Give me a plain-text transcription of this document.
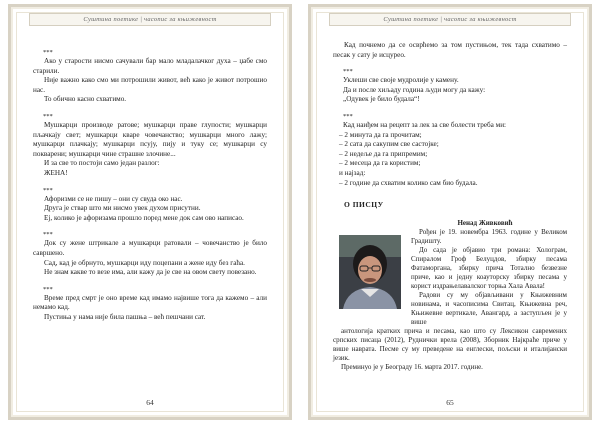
Суштина поетике | часопис за књижевност

***

Ако у старости нисмо сачували бар мало младалачког духа – џабе смо старили.

Није важно како смо ми потрошили живот, већ како је живот потрошио нас.

То обично касно схватимо.

***

Мушкарци производе ратове; мушкарци праве глупости; мушкарци пљачкају свет; мушкарци кваре човечанство; мушкарци много лажу; мушкарци плачкају; мушкарци псују, пију и туку се; мушкарци су покварени; мушкарци чине страшне злочине...

И за све то постоји само један разлог:

ЖЕНА!

***

Афоризми се не пишу – они су свуда око нас.

Друга је ствар што ми нисмо увек духом присутни.

Еј, колико је афоризама прошло поред мене док сам ово написао.

***

Док су жене штрикале а мушкарци ратовали – човечанство је било савршено.

Сад, кад је обрнуто, мушкарци иду поцепани а жене иду без гаћа.

Не знам какве то везе има, али кажу да је све на овом свету повезано.

***

Време пред смрт је оно време кад имамо највише тога да кажемо – али немамо кад.

Пустиња у нама није била пашња – већ пешчани сат.

64
Суштина поетике | часопис за књижевност

Кад почнемо да се осврћемо за том пустињом, тек тада схватимо – песак у сату је исцурео.

***

Уклеши све своје мудролије у камену.

Да и после хиљаду година људи могу да кажу:

„Одувек је било будала“!

***

Кад наиђем на рецепт за лек за све болести треба ми:

– 2 минута да га прочитам;

– 2 сата да сакупим све састојке;

– 2 недеље да га припремим;

– 2 месеца да га користим;

и најзад:

– 2 године да схватим колико сам био будала.

О ПИСЦУ

Ненад Живковић

Рођен је 19. новембра 1963. године у Великом Градишту.

До сада је објавио три романа: Хологрaм, Спиралом Гроф Белуцдов, збирку песама Фатаморгана, збирку прича Тотално безвезне приче, као и једну коауторску збирку песама у корист издрањелавалског торња Хала Авала!

Радови су му објављивани у Књижевним новинама, и часописима Свитац, Књижевна реч, Књижевне вертикале, Авангард, а заступљен је у више

антологија кратких прича и песама, као што су Лексикон савремених српских писаца (2012), Руднички врела (2008), Зборник Најкраће приче у више наврата. Песме су му преведене на енглески, пољски и италијански језик.

Преминуо је у Београду 16. марта 2017. године.

65
